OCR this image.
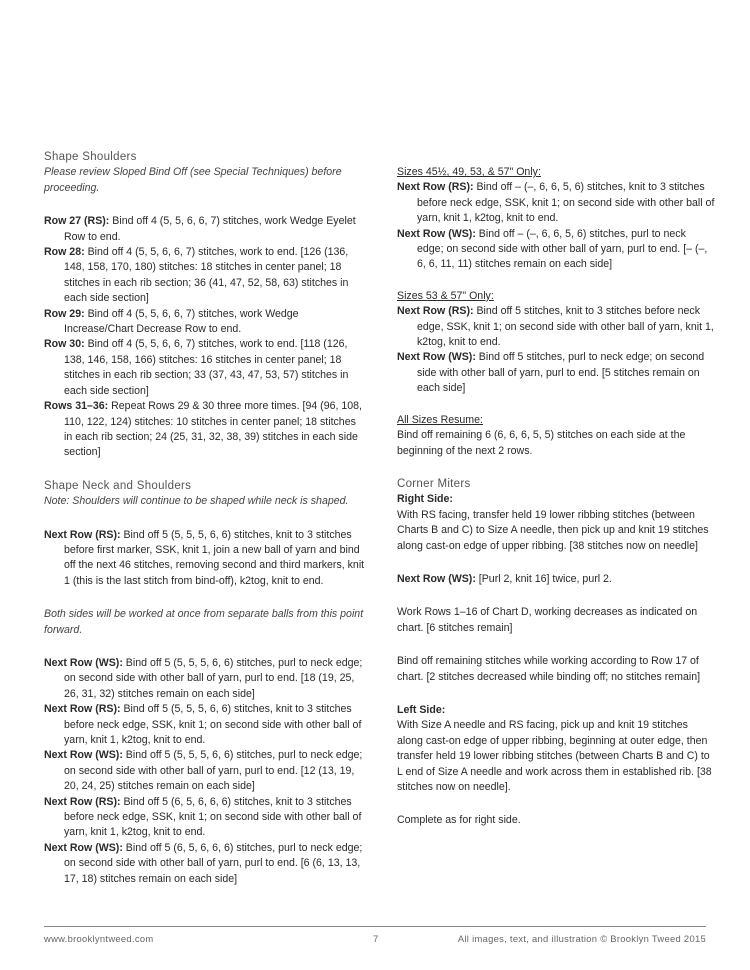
Shape Shoulders

Please review Sloped Bind Off (see Special Techniques) before proceeding.

Row 27 (RS): Bind off 4 (5, 5, 6, 6, 7) stitches, work Wedge Eyelet Row to end.

Row 28: Bind off 4 (5, 5, 6, 6, 7) stitches, work to end. [126 (136, 148, 158, 170, 180) stitches: 18 stitches in center panel; 18 stitches in each rib section; 36 (41, 47, 52, 58, 63) stitches in each side section]

Row 29: Bind off 4 (5, 5, 6, 6, 7) stitches, work Wedge Increase/Chart Decrease Row to end.

Row 30: Bind off 4 (5, 5, 6, 6, 7) stitches, work to end. [118 (126, 138, 146, 158, 166) stitches: 16 stitches in center panel; 18 stitches in each rib section; 33 (37, 43, 47, 53, 57) stitches in each side section]

Rows 31–36: Repeat Rows 29 & 30 three more times. [94 (96, 108, 110, 122, 124) stitches: 10 stitches in center panel; 18 stitches in each rib section; 24 (25, 31, 32, 38, 39) stitches in each side section]

Shape Neck and Shoulders

Note: Shoulders will continue to be shaped while neck is shaped.

Next Row (RS): Bind off 5 (5, 5, 5, 6, 6) stitches, knit to 3 stitches before first marker, SSK, knit 1, join a new ball of yarn and bind off the next 46 stitches, removing second and third markers, knit 1 (this is the last stitch from bind-off), k2tog, knit to end.

Both sides will be worked at once from separate balls from this point forward.

Next Row (WS): Bind off 5 (5, 5, 5, 6, 6) stitches, purl to neck edge; on second side with other ball of yarn, purl to end. [18 (19, 25, 26, 31, 32) stitches remain on each side]

Next Row (RS): Bind off 5 (5, 5, 5, 6, 6) stitches, knit to 3 stitches before neck edge, SSK, knit 1; on second side with other ball of yarn, knit 1, k2tog, knit to end.

Next Row (WS): Bind off 5 (5, 5, 5, 6, 6) stitches, purl to neck edge; on second side with other ball of yarn, purl to end. [12 (13, 19, 20, 24, 25) stitches remain on each side]

Next Row (RS): Bind off 5 (6, 5, 6, 6, 6) stitches, knit to 3 stitches before neck edge, SSK, knit 1; on second side with other ball of yarn, knit 1, k2tog, knit to end.

Next Row (WS): Bind off 5 (6, 5, 6, 6, 6) stitches, purl to neck edge; on second side with other ball of yarn, purl to end. [6 (6, 13, 13, 17, 18) stitches remain on each side]

Sizes 45½, 49, 53, & 57" Only:

Next Row (RS): Bind off – (–, 6, 6, 5, 6) stitches, knit to 3 stitches before neck edge, SSK, knit 1; on second side with other ball of yarn, knit 1, k2tog, knit to end.

Next Row (WS): Bind off – (–, 6, 6, 5, 6) stitches, purl to neck edge; on second side with other ball of yarn, purl to end. [– (–, 6, 6, 11, 11) stitches remain on each side]

Sizes 53 & 57" Only:

Next Row (RS): Bind off 5 stitches, knit to 3 stitches before neck edge, SSK, knit 1; on second side with other ball of yarn, knit 1, k2tog, knit to end.

Next Row (WS): Bind off 5 stitches, purl to neck edge; on second side with other ball of yarn, purl to end. [5 stitches remain on each side]

All Sizes Resume:

Bind off remaining 6 (6, 6, 6, 5, 5) stitches on each side at the beginning of the next 2 rows.

Corner Miters

Right Side:

With RS facing, transfer held 19 lower ribbing stitches (between Charts B and C) to Size A needle, then pick up and knit 19 stitches along cast-on edge of upper ribbing. [38 stitches now on needle]

Next Row (WS): [Purl 2, knit 16] twice, purl 2.

Work Rows 1–16 of Chart D, working decreases as indicated on chart. [6 stitches remain]

Bind off remaining stitches while working according to Row 17 of chart. [2 stitches decreased while binding off; no stitches remain]

Left Side:

With Size A needle and RS facing, pick up and knit 19 stitches along cast-on edge of upper ribbing, beginning at outer edge, then transfer held 19 lower ribbing stitches (between Charts B and C) to L end of Size A needle and work across them in established rib. [38 stitches now on needle].

Complete as for right side.

www.brooklyntweed.com	7	All images, text, and illustration © Brooklyn Tweed 2015
